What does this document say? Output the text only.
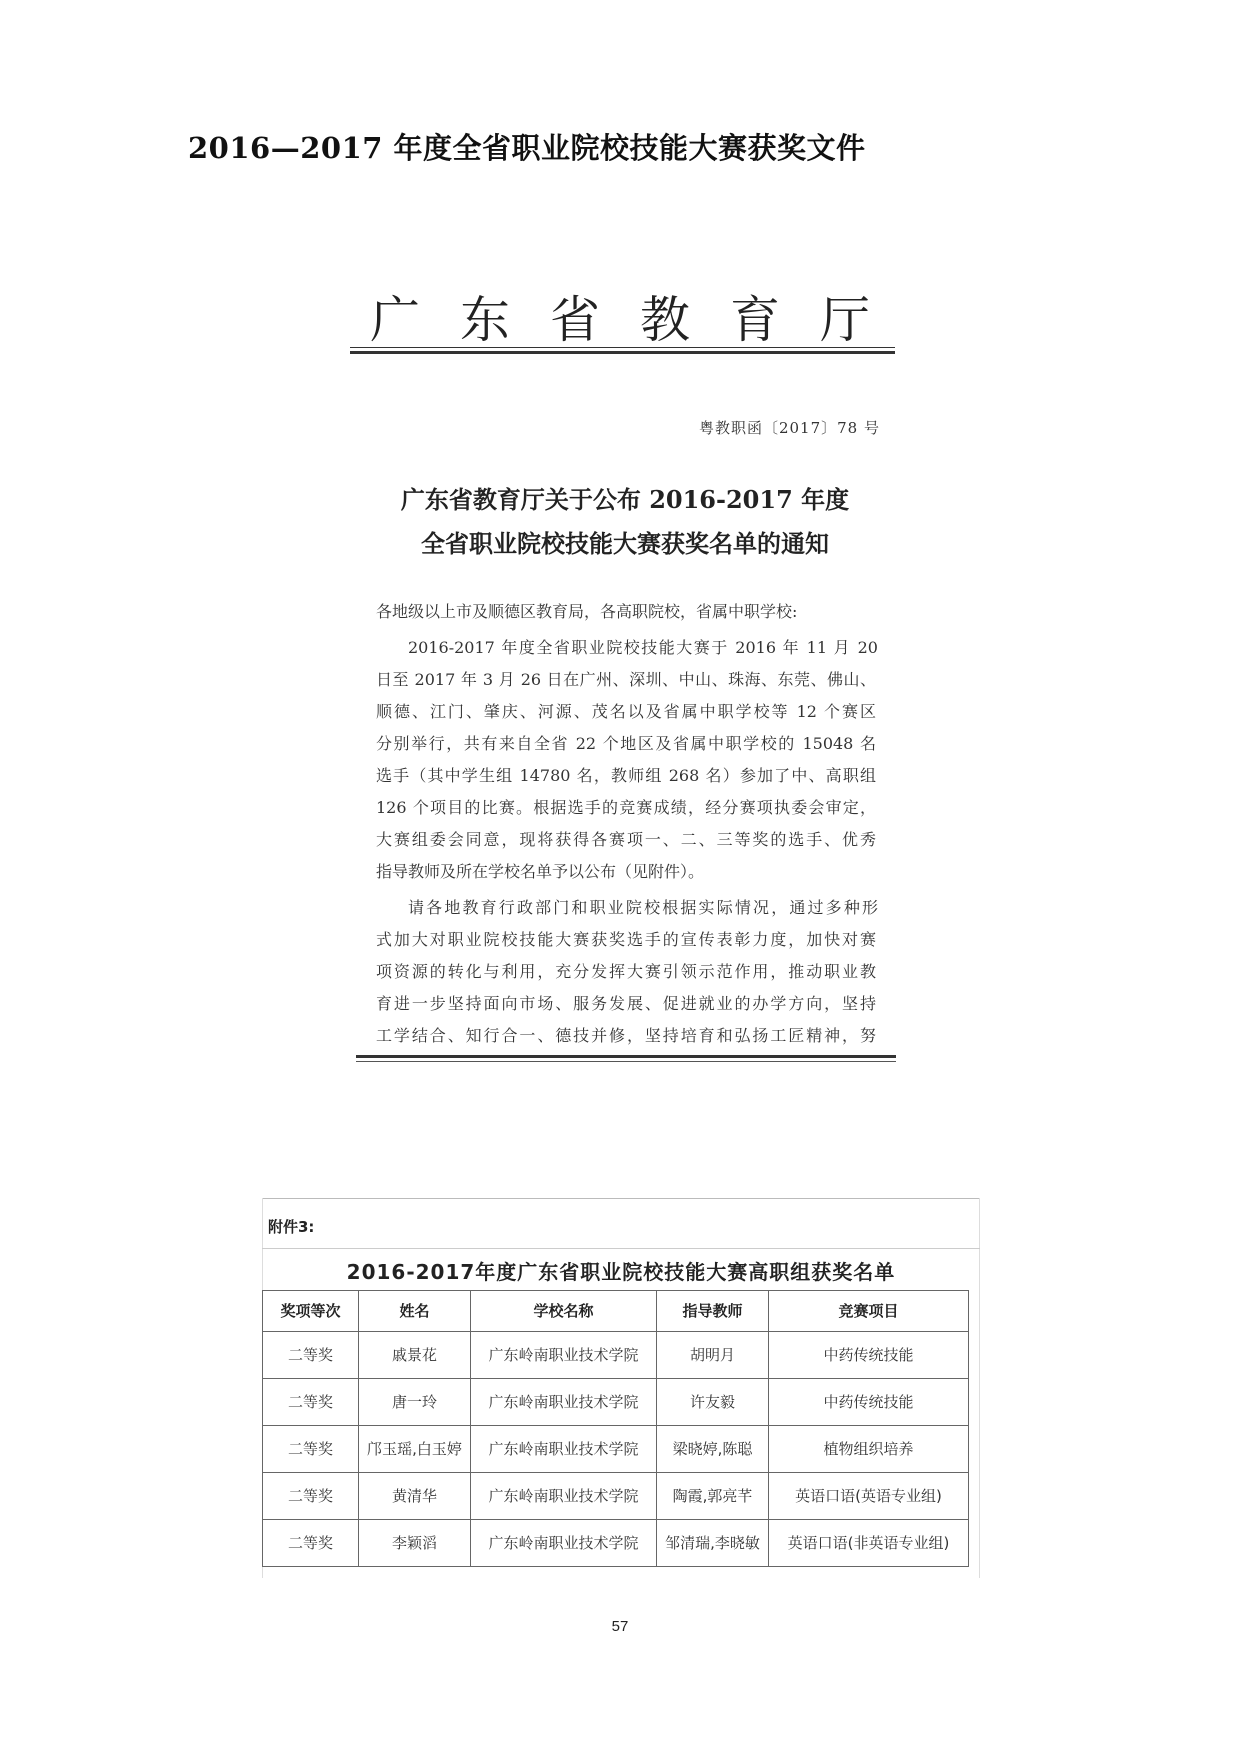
2016—2017 年度全省职业院校技能大赛获奖文件
广东省教育厅
粤教职函〔2017〕78 号
广东省教育厅关于公布 2016-2017 年度
全省职业院校技能大赛获奖名单的通知
各地级以上市及顺德区教育局，各高职院校，省属中职学校:
2016-2017 年度全省职业院校技能大赛于 2016 年 11 月 20
日至 2017 年 3 月 26 日在广州、深圳、中山、珠海、东莞、佛山、
顺德、江门、肇庆、河源、茂名以及省属中职学校等 12 个赛区
分别举行，共有来自全省 22 个地区及省属中职学校的 15048 名
选手（其中学生组 14780 名，教师组 268 名）参加了中、高职组
126 个项目的比赛。根据选手的竞赛成绩，经分赛项执委会审定，
大赛组委会同意，现将获得各赛项一、二、三等奖的选手、优秀
指导教师及所在学校名单予以公布（见附件）。
请各地教育行政部门和职业院校根据实际情况，通过多种形
式加大对职业院校技能大赛获奖选手的宣传表彰力度，加快对赛
项资源的转化与利用，充分发挥大赛引领示范作用，推动职业教
育进一步坚持面向市场、服务发展、促进就业的办学方向，坚持
工学结合、知行合一、德技并修，坚持培育和弘扬工匠精神，努
附件3:
2016-2017年度广东省职业院校技能大赛高职组获奖名单
奖项等次	姓名	学校名称	指导教师	竞赛项目
二等奖	戚景花	广东岭南职业技术学院	胡明月	中药传统技能
二等奖	唐一玲	广东岭南职业技术学院	许友毅	中药传统技能
二等奖	邝玉瑶,白玉婷	广东岭南职业技术学院	梁晓婷,陈聪	植物组织培养
二等奖	黄清华	广东岭南职业技术学院	陶霞,郭亮芊	英语口语(英语专业组)
二等奖	李颖滔	广东岭南职业技术学院	邹清瑞,李晓敏	英语口语(非英语专业组)
57
